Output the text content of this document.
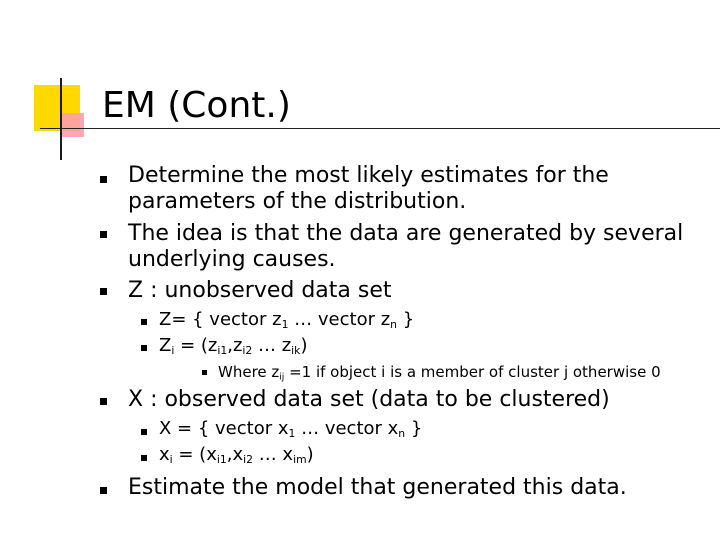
EM (Cont.)

Determine the most likely estimates for the

parameters of the distribution.

The idea is that the data are generated by several

underlying causes.

Z : unobserved data set

Z= { vector $z_1$ … vector $z_n$ }

$Z_i = (z_{i1},z_{i2}$ … $z_{ik}$)

Where $z_{ij} =1$ if object i is a member of cluster j otherwise 0

X : observed data set (data to be clustered)

X = { vector $x_1$ … vector $x_n$ }

$x_i = (x_{i1},x_{i2}$ … $x_{im}$)

Estimate the model that generated this data.
